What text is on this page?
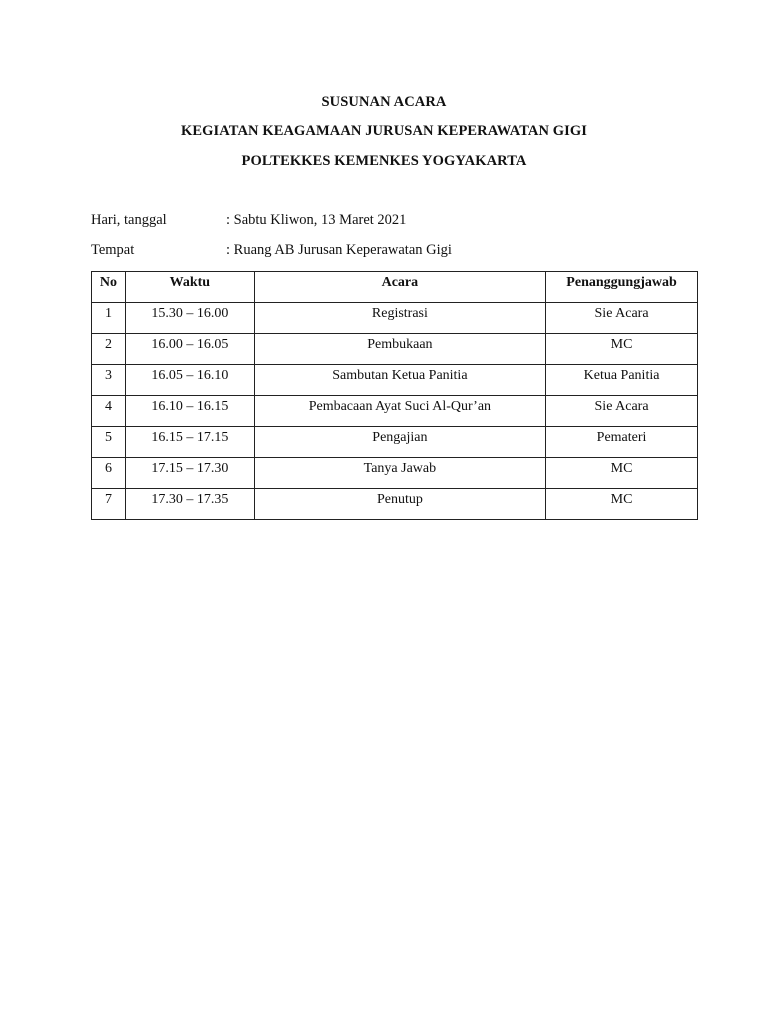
SUSUNAN ACARA
KEGIATAN KEAGAMAAN JURUSAN KEPERAWATAN GIGI
POLTEKKES KEMENKES YOGYAKARTA
Hari, tanggal	: Sabtu Kliwon, 13 Maret 2021
Tempat	: Ruang AB Jurusan Keperawatan Gigi
No	Waktu	Acara	Penanggungjawab
1	15.30 – 16.00	Registrasi	Sie Acara
2	16.00 – 16.05	Pembukaan	MC
3	16.05 – 16.10	Sambutan Ketua Panitia	Ketua Panitia
4	16.10 – 16.15	Pembacaan Ayat Suci Al-Qur’an	Sie Acara
5	16.15 – 17.15	Pengajian	Pemateri
6	17.15 – 17.30	Tanya Jawab	MC
7	17.30 – 17.35	Penutup	MC
